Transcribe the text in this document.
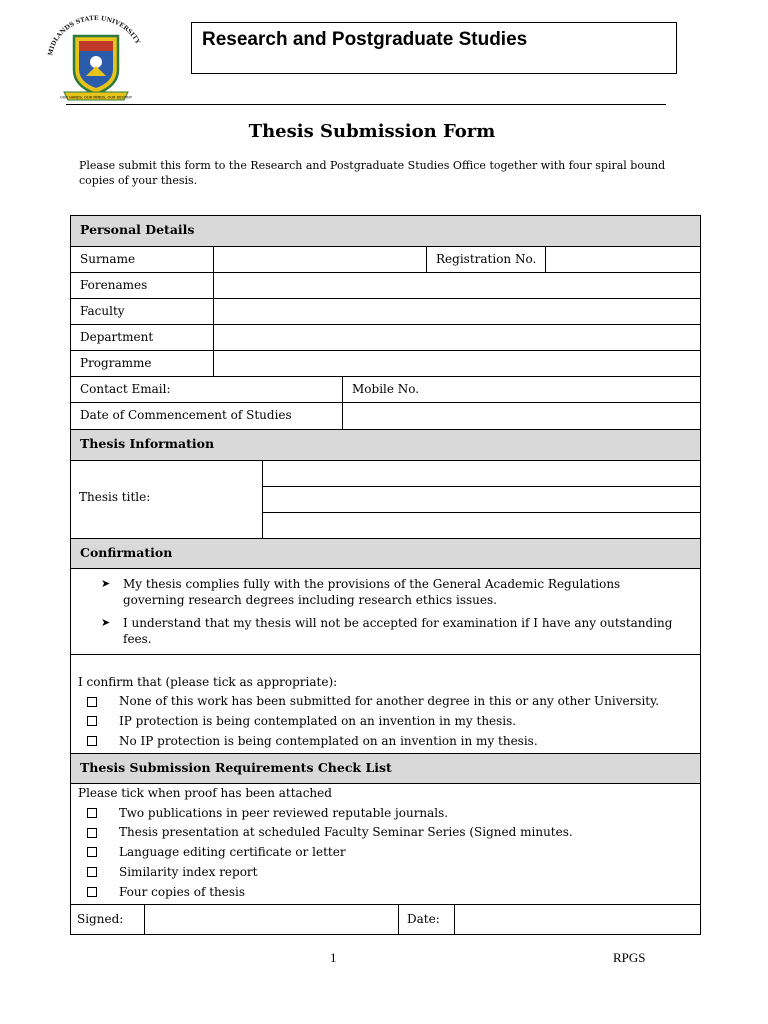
MIDLANDS STATE UNIVERSITY
OUR HANDS, OUR MINDS, OUR DESTINY
Research and Postgraduate Studies
Thesis Submission Form
Please submit this form to the Research and Postgraduate Studies Office together with four spiral bound copies of your thesis.
Personal Details
Surname	Registration No.
Forenames
Faculty
Department
Programme
Contact Email:	Mobile No.
Date of Commencement of Studies
Thesis Information
Thesis title:
Confirmation
➤ My thesis complies fully with the provisions of the General Academic Regulations governing research degrees including research ethics issues.
➤ I understand that my thesis will not be accepted for examination if I have any outstanding fees.
I confirm that (please tick as appropriate):
None of this work has been submitted for another degree in this or any other University.
IP protection is being contemplated on an invention in my thesis.
No IP protection is being contemplated on an invention in my thesis.
Thesis Submission Requirements Check List
Please tick when proof has been attached
Two publications in peer reviewed reputable journals.
Thesis presentation at scheduled Faculty Seminar Series (Signed minutes.
Language editing certificate or letter
Similarity index report
Four copies of thesis
Signed:	Date:
1	RPGS
